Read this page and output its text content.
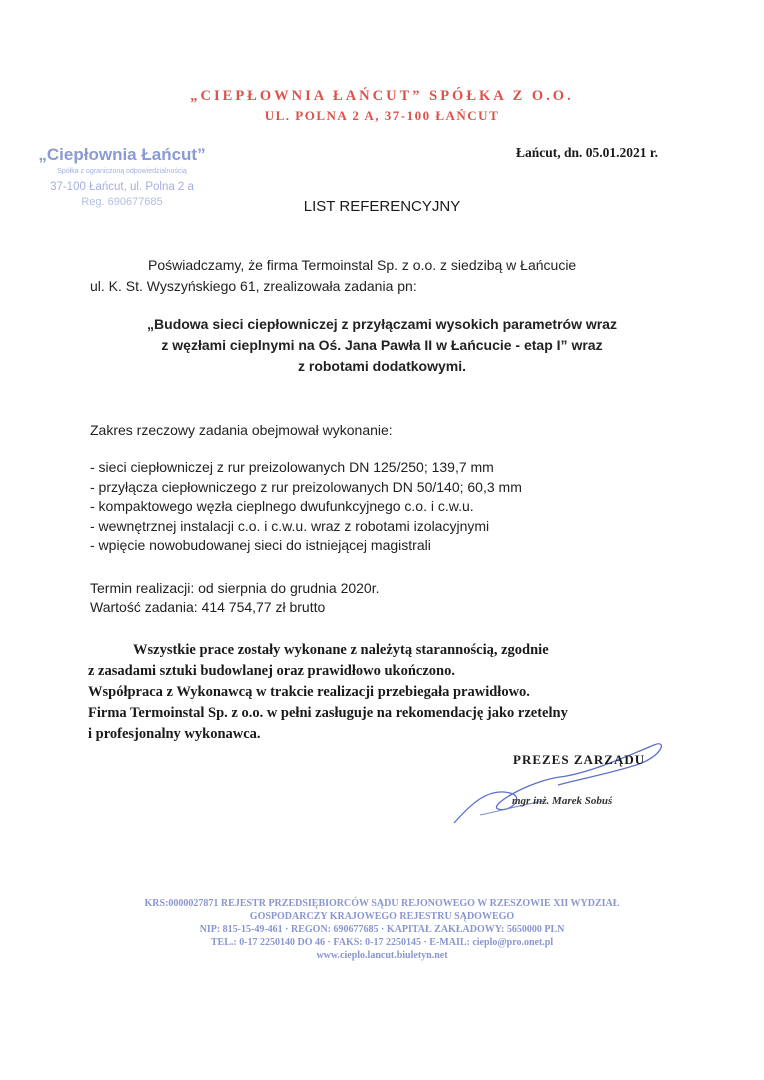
„CIEPŁOWNIA ŁAŃCUT” SPÓŁKA Z O.O.
UL. POLNA 2 A, 37-100 ŁAŃCUT
„Ciepłownia Łańcut”
Spółka z ograniczoną odpowiedzialnością
37-100 Łańcut, ul. Polna 2 a
Reg. 690677685
Łańcut, dn. 05.01.2021 r.
LIST REFERENCYJNY
Poświadczamy, że firma Termoinstal Sp. z o.o. z siedzibą w Łańcucie
ul. K. St. Wyszyńskiego 61, zrealizowała zadania pn:
„Budowa sieci ciepłowniczej z przyłączami wysokich parametrów wraz
z węzłami cieplnymi na Oś. Jana Pawła II w Łańcucie - etap I” wraz
z robotami dodatkowymi.
Zakres rzeczowy zadania obejmował wykonanie:
- sieci ciepłowniczej z rur preizolowanych DN 125/250; 139,7 mm
- przyłącza ciepłowniczego z rur preizolowanych DN 50/140; 60,3 mm
- kompaktowego węzła cieplnego dwufunkcyjnego c.o. i c.w.u.
- wewnętrznej instalacji c.o. i c.w.u. wraz z robotami izolacyjnymi
- wpięcie nowobudowanej sieci do istniejącej magistrali
Termin realizacji: od sierpnia do grudnia 2020r.
Wartość zadania: 414 754,77 zł brutto
Wszystkie prace zostały wykonane z należytą starannością, zgodnie
z zasadami sztuki budowlanej oraz prawidłowo ukończono.
Współpraca z Wykonawcą w trakcie realizacji przebiegała prawidłowo.
Firma Termoinstal Sp. z o.o. w pełni zasługuje na rekomendację jako rzetelny
i profesjonalny wykonawca.
PREZES ZARZĄDU
mgr inż. Marek Sobuś
KRS:0000027871 REJESTR PRZEDSIĘBIORCÓW SĄDU REJONOWEGO W RZESZOWIE XII WYDZIAŁ
GOSPODARCZY KRAJOWEGO REJESTRU SĄDOWEGO
NIP: 815-15-49-461 · REGON: 690677685 · KAPITAŁ ZAKŁADOWY: 5650000 PLN
TEL.: 0-17 2250140 DO 46 · FAKS: 0-17 2250145 · E-MAIL: cieplo@pro.onet.pl
www.cieplo.lancut.biuletyn.net
